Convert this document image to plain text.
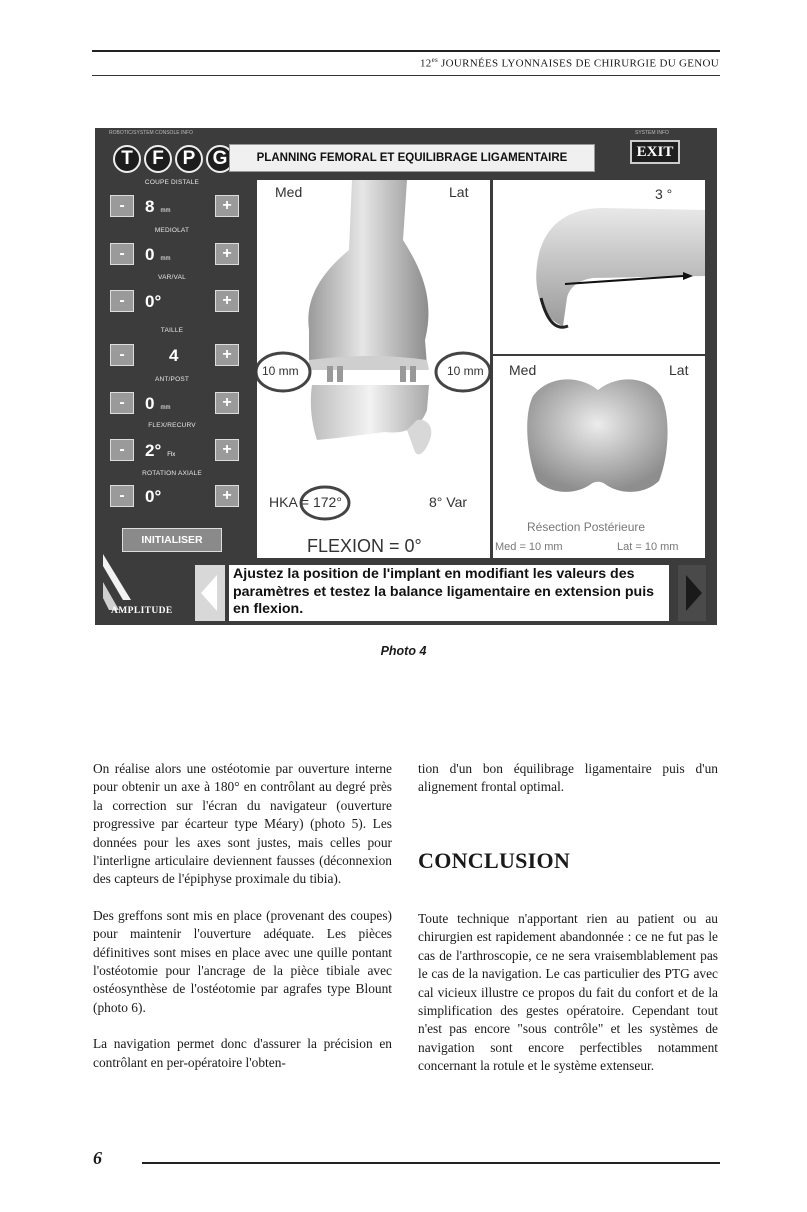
$12^{es}$ JOURNÉES LYONNAISES DE CHIRURGIE DU GENOU
ROBOTIC/SYSTEM CONSOLE INFO	SYSTEM INFO
T	F P G	PLANNING FEMORAL ET EQUILIBRAGE LIGAMENTAIRE	EXIT
COUPE DISTALE
-	8 mm	+
MEDIOLAT
-	0 mm	+
VAR/VAL
-	0°	+
TAILLE
-	4	+
ANT/POST
-	0 mm	+
FLEX/RECURV
-	2° Flx	+
ROTATION AXIALE
-	0°	+
INITIALISER
AMPLITUDE
Med	Lat
10 mm	10 mm
HKA = 172°	8° Var
FLEXION = 0°
3 °
Med	Lat
Résection Postérieure
Med = 10 mm	Lat = 10 mm
Ajustez la position de l'implant en modifiant les valeurs des paramètres et testez la balance ligamentaire en extension puis en flexion.
Photo 4

On réalise alors une ostéotomie par ouverture interne pour obtenir un axe à 180° en contrôlant au degré près la correction sur l'écran du navigateur (ouverture progressive par écarteur type Méary) (photo 5). Les données pour les axes sont justes, mais celles pour l'interligne articulaire deviennent fausses (déconnexion des capteurs de l'épiphyse proximale du tibia).

Des greffons sont mis en place (provenant des coupes) pour maintenir l'ouverture adéquate. Les pièces définitives sont mises en place avec une quille pontant l'ostéotomie pour l'ancrage de la pièce tibiale avec ostéosynthèse de l'ostéotomie par agrafes type Blount (photo 6).

La navigation permet donc d'assurer la précision en contrôlant en per-opératoire l'obten-

tion d'un bon équilibrage ligamentaire puis d'un alignement frontal optimal.

CONCLUSION

Toute technique n'apportant rien au patient ou au chirurgien est rapidement abandonnée : ce ne fut pas le cas de l'arthroscopie, ce ne sera vraisemblablement pas le cas de la navigation. Le cas particulier des PTG avec cal vicieux illustre ce propos du fait du confort et de la simplification des gestes opératoire. Cependant tout n'est pas encore "sous contrôle" et les systèmes de navigation sont encore perfectibles notamment concernant la rotule et le système extenseur.

6
